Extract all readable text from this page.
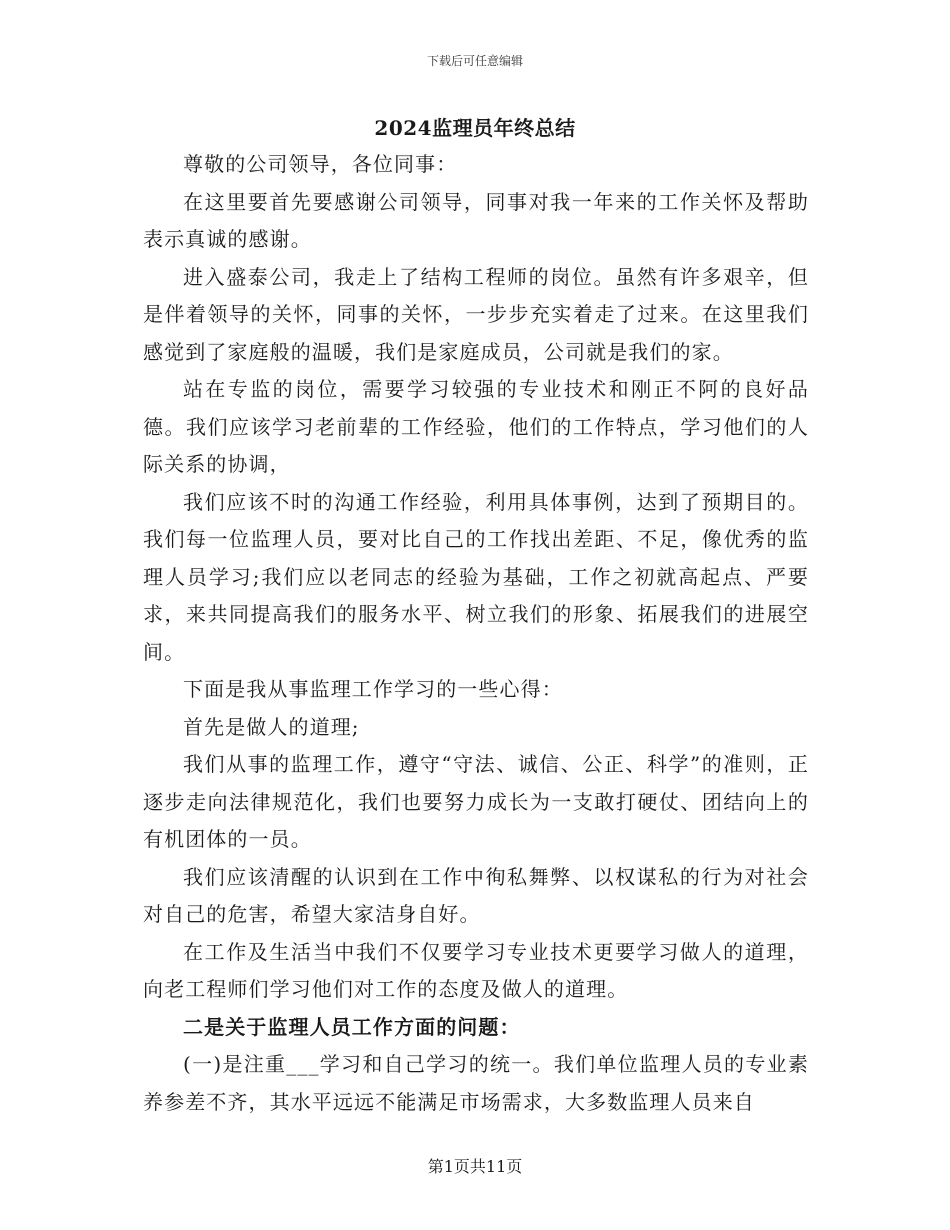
下载后可任意编辑
2024监理员年终总结

尊敬的公司领导，各位同事：

在这里要首先要感谢公司领导，同事对我一年来的工作关怀及帮助表示真诚的感谢。

进入盛泰公司，我走上了结构工程师的岗位。虽然有许多艰辛，但是伴着领导的关怀，同事的关怀，一步步充实着走了过来。在这里我们感觉到了家庭般的温暖，我们是家庭成员，公司就是我们的家。

站在专监的岗位，需要学习较强的专业技术和刚正不阿的良好品德。我们应该学习老前辈的工作经验，他们的工作特点，学习他们的人际关系的协调，

我们应该不时的沟通工作经验，利用具体事例，达到了预期目的。我们每一位监理人员，要对比自己的工作找出差距、不足，像优秀的监理人员学习;我们应以老同志的经验为基础，工作之初就高起点、严要求，来共同提高我们的服务水平、树立我们的形象、拓展我们的进展空间。

下面是我从事监理工作学习的一些心得：

首先是做人的道理;

我们从事的监理工作，遵守“守法、诚信、公正、科学”的准则，正逐步走向法律规范化，我们也要努力成长为一支敢打硬仗、团结向上的有机团体的一员。

我们应该清醒的认识到在工作中徇私舞弊、以权谋私的行为对社会对自己的危害，希望大家洁身自好。

在工作及生活当中我们不仅要学习专业技术更要学习做人的道理，向老工程师们学习他们对工作的态度及做人的道理。

二是关于监理人员工作方面的问题：

(一)是注重___学习和自己学习的统一。我们单位监理人员的专业素养参差不齐，其水平远远不能满足市场需求，大多数监理人员来自

第1页共11页
